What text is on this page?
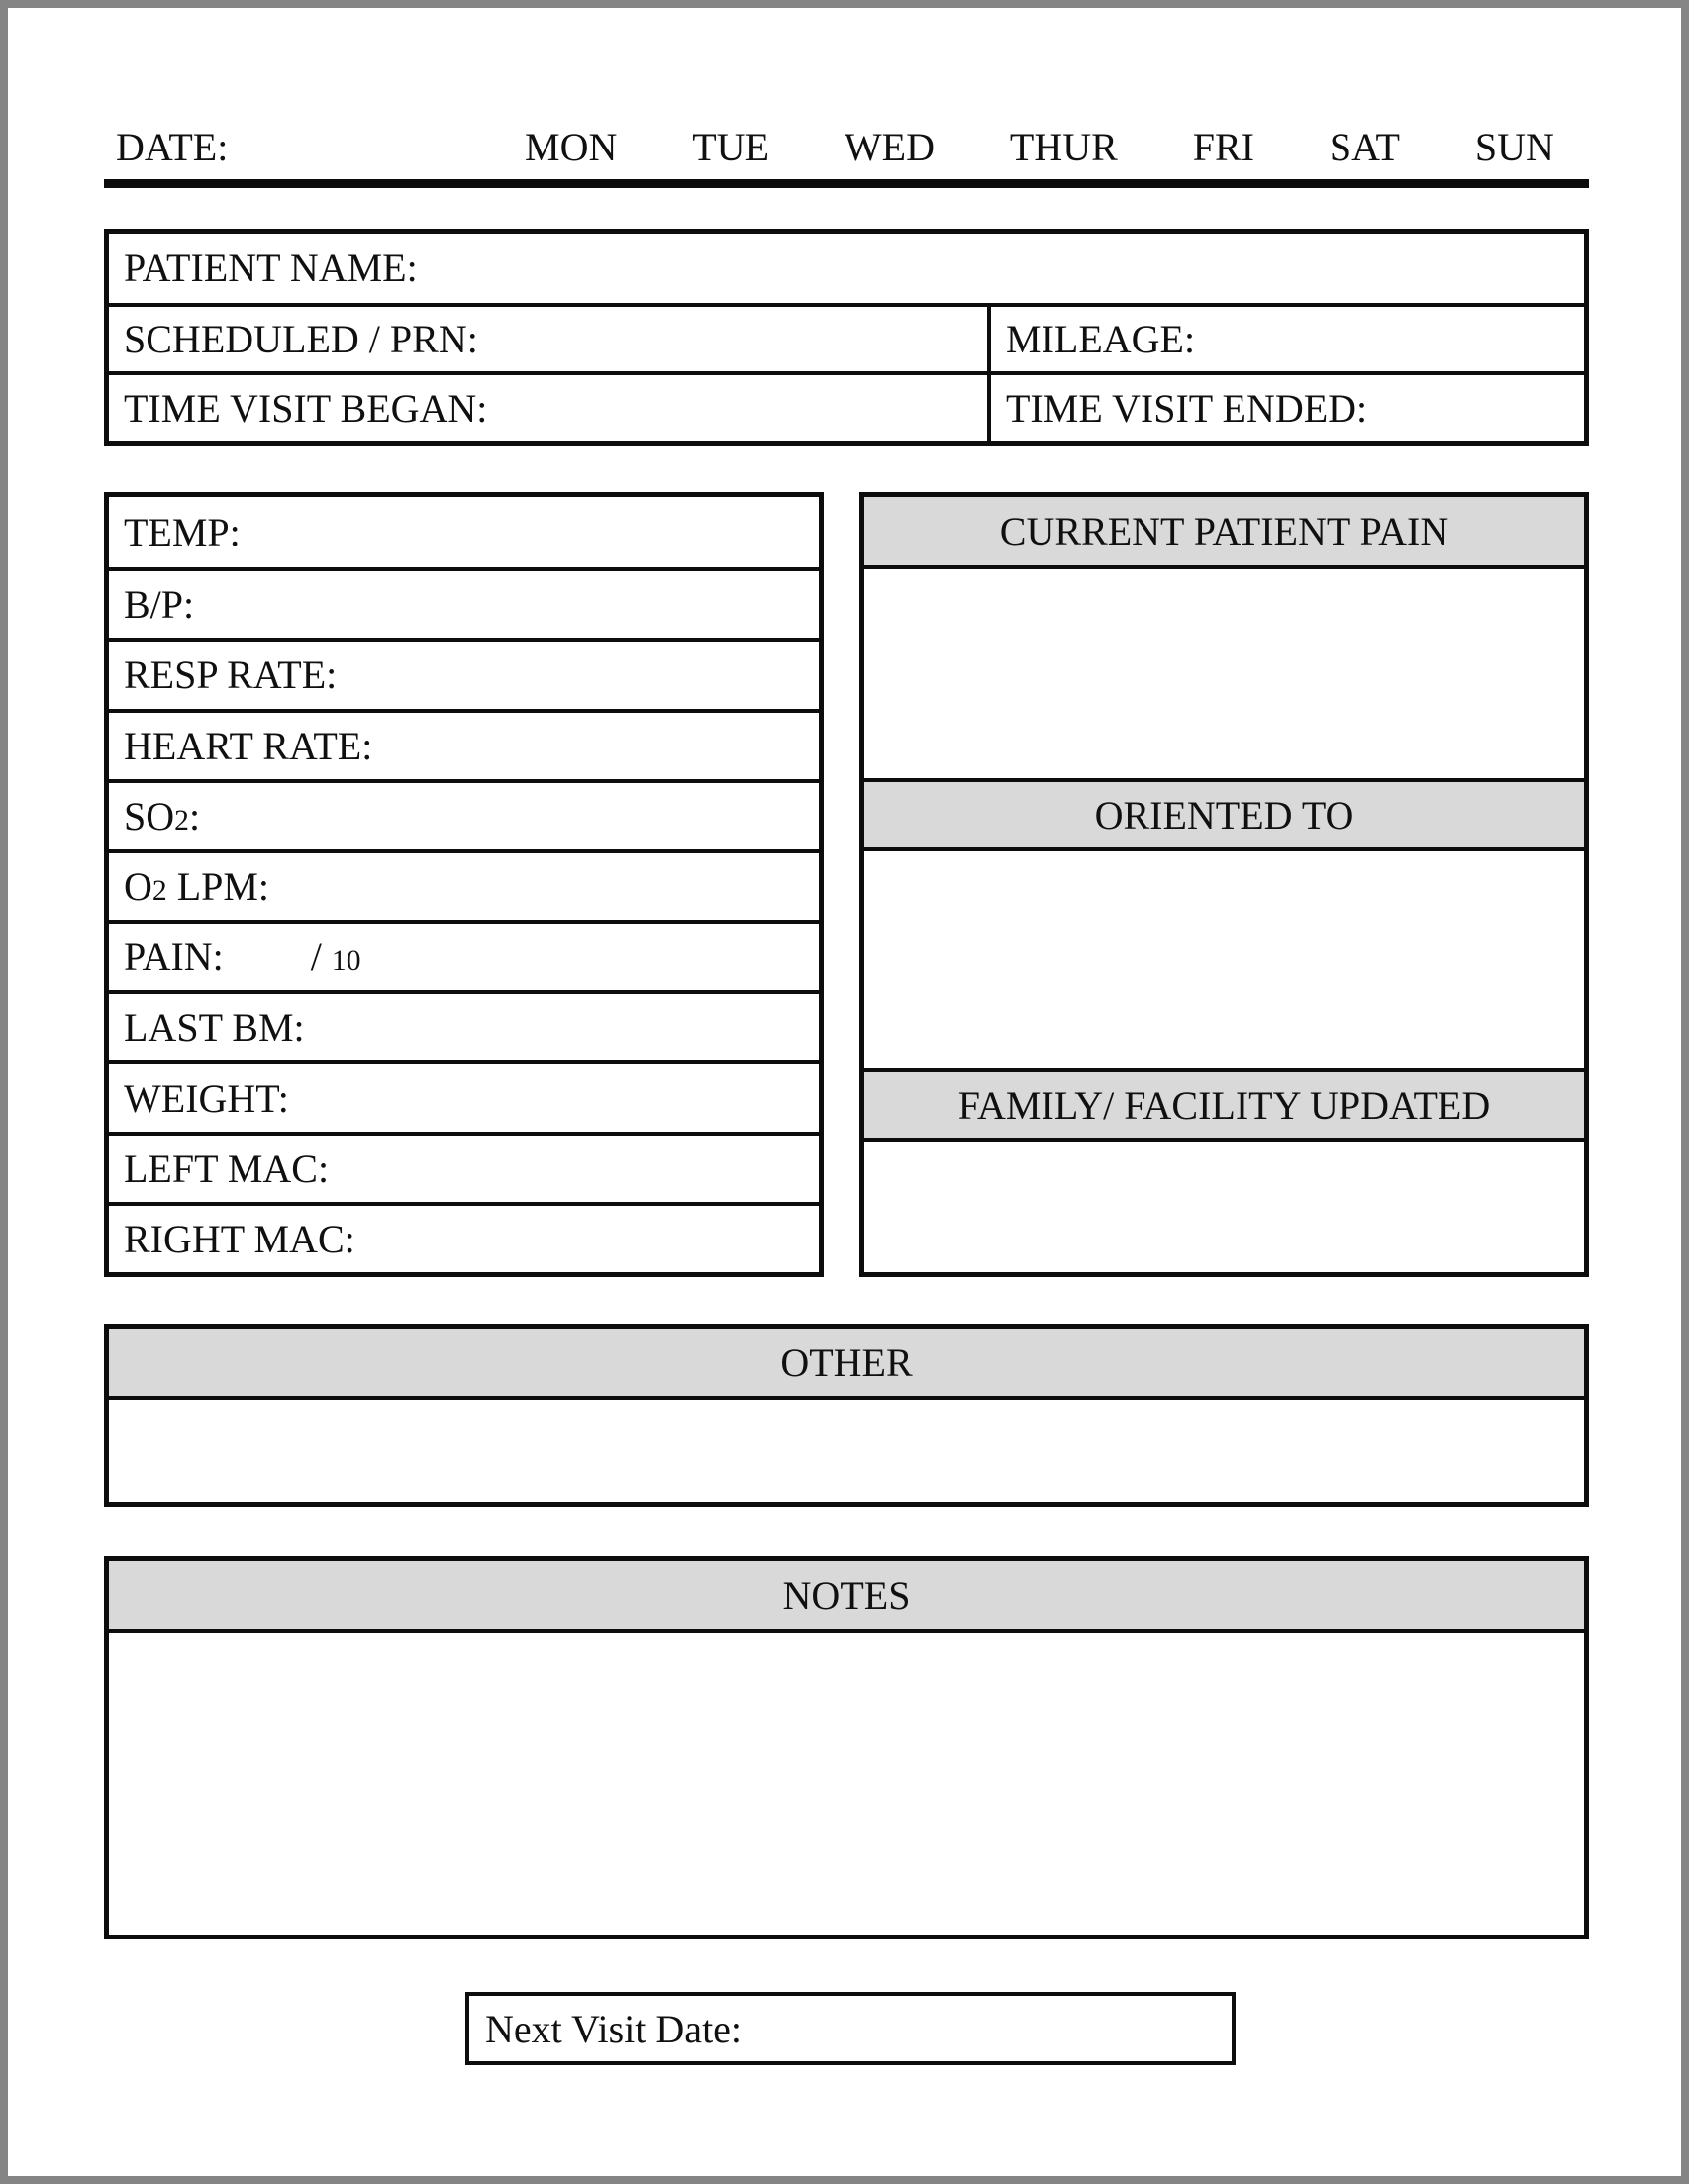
DATE:	MON TUE WED THUR FRI SAT SUN
PATIENT NAME:
SCHEDULED / PRN:	MILEAGE:
TIME VISIT BEGAN:	TIME VISIT ENDED:
TEMP:
B/P:
RESP RATE:
HEART RATE:
SO2:
O2 LPM:
PAIN: / 10
LAST BM:
WEIGHT:
LEFT MAC:
RIGHT MAC:
CURRENT PATIENT PAIN
ORIENTED TO
FAMILY/ FACILITY UPDATED
OTHER
NOTES
Next Visit Date:
